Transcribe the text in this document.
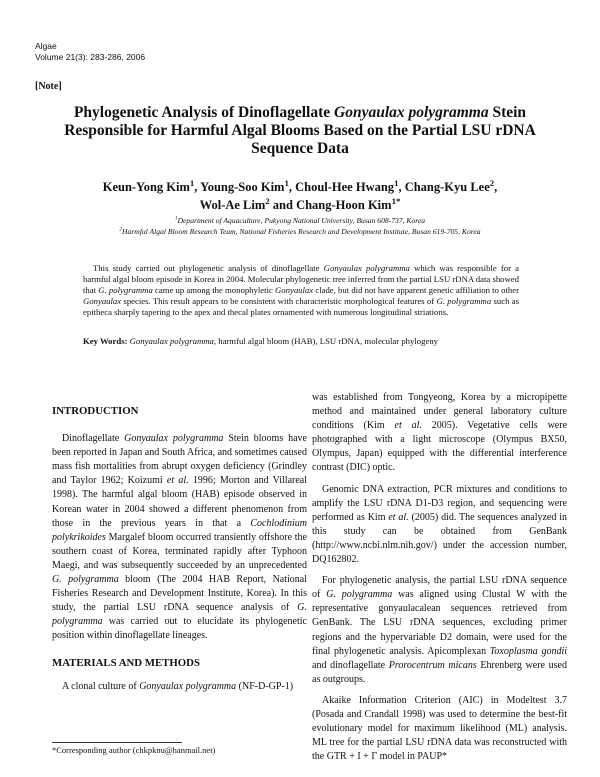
Algae
Volume 21(3): 283-286, 2006
[Note]
Phylogenetic Analysis of Dinoflagellate Gonyaulax polygramma Stein Responsible for Harmful Algal Blooms Based on the Partial LSU rDNA Sequence Data
Keun-Yong Kim$^1$, Young-Soo Kim$^1$, Choul-Hee Hwang$^1$, Chang-Kyu Lee$^2$,
Wol-Ae Lim$^2$ and Chang-Hoon Kim$^{1*}$
$^1$Department of Aquaculture, Pukyong National University, Busan 608-737, Korea
$^2$Harmful Algal Bloom Research Team, National Fisheries Research and Development Institute, Busan 619-705, Korea
This study carried out phylogenetic analysis of dinoflagellate Gonyaulax polygramma which was responsible for a harmful algal bloom episode in Korea in 2004. Molecular phylogenetic tree inferred from the partial LSU rDNA data showed that G. polygramma came up among the monophyletic Gonyaulax clade, but did not have apparent genetic affiliation to other Gonyaulax species. This result appears to be consistent with characteristic morphological features of G. polygramma such as epitheca sharply tapering to the apex and thecal plates ornamented with numerous longitudinal striations.
Key Words: Gonyaulax polygramma, harmful algal bloom (HAB), LSU rDNA, molecular phylogeny
INTRODUCTION

Dinoflagellate Gonyaulax polygramma Stein blooms have been reported in Japan and South Africa, and sometimes caused mass fish mortalities from abrupt oxygen deficiency (Grindley and Taylor 1962; Koizumi et al. 1996; Morton and Villareal 1998). The harmful algal bloom (HAB) episode observed in Korean water in 2004 showed a different phenomenon from those in the previous years in that a Cochlodinium polykrikoides Margalef bloom occurred transiently offshore the southern coast of Korea, terminated rapidly after Typhoon Maegi, and was subsequently succeeded by an unprecedented G. polygramma bloom (The 2004 HAB Report, National Fisheries Research and Development Institute, Korea). In this study, the partial LSU rDNA sequence analysis of G. polygramma was carried out to elucidate its phylogenetic position within dinoflagellate lineages.

MATERIALS AND METHODS

A clonal culture of Gonyaulax polygramma (NF-D-GP-1)

was established from Tongyeong, Korea by a micropipette method and maintained under general laboratory culture conditions (Kim et al. 2005). Vegetative cells were photographed with a light microscope (Olympus BX50, Olympus, Japan) equipped with the differential interference contrast (DIC) optic.

Genomic DNA extraction, PCR mixtures and conditions to amplify the LSU rDNA D1-D3 region, and sequencing were performed as Kim et al. (2005) did. The sequences analyzed in this study can be obtained from GenBank (http://www.ncbi.nlm.nih.gov/) under the accession number, DQ162802.

For phylogenetic analysis, the partial LSU rDNA sequence of G. polygramma was aligned using Clustal W with the representative gonyaulacalean sequences retrieved from GenBank. The LSU rDNA sequences, excluding primer regions and the hypervariable D2 domain, were used for the final phylogenetic analysis. Apicomplexan Toxoplasma gondii and dinoflagellate Prorocentrum micans Ehrenberg were used as outgroups.

Akaike Information Criterion (AIC) in Modeltest 3.7 (Posada and Crandall 1998) was used to determine the best-fit evolutionary model for maximum likelihood (ML) analysis. ML tree for the partial LSU rDNA data was reconstructed with the GTR + I + Γ model in PAUP*

*Corresponding author (chkpknu@hanmail.net)
